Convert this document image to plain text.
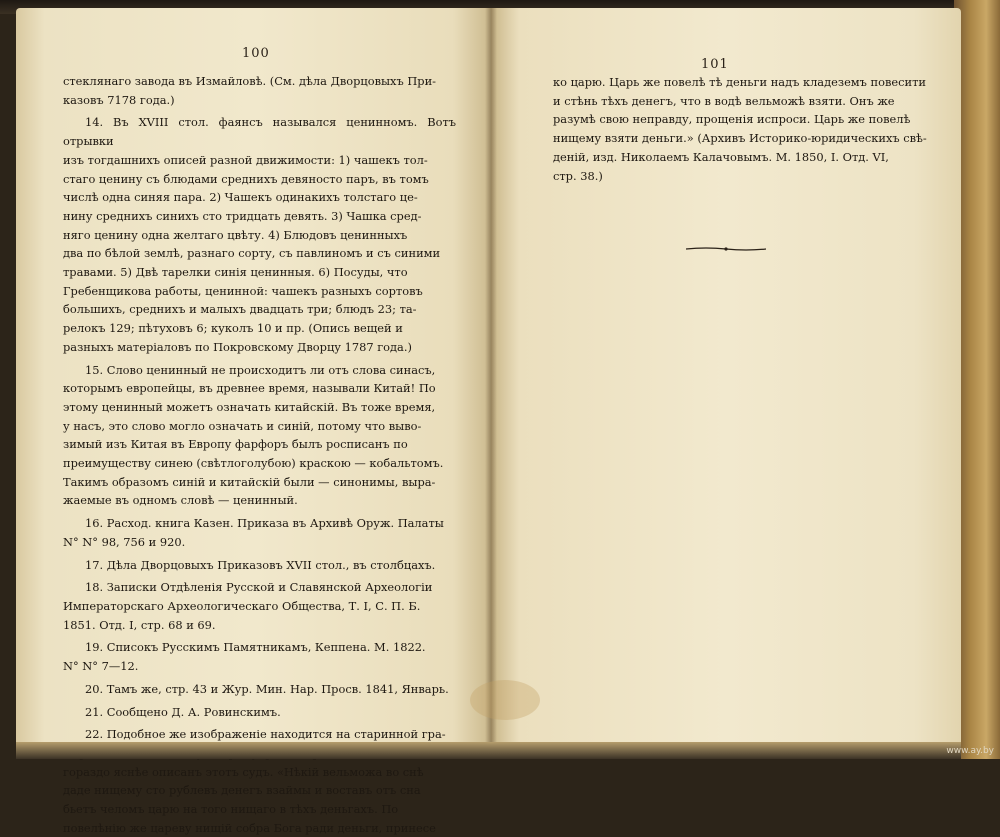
100

стеклянаго завода въ Измайловѣ. (См. дѣла Дворцовыхъ При-

казовъ 7178 года.)

14. Въ XVIII стол. фаянсъ назывался ценинномъ. Вотъ отрывки

изъ тогдашнихъ описей разной движимости: 1) чашекъ тол-

стаго ценину съ блюдами среднихъ девяносто паръ, въ томъ

числѣ одна синяя пара. 2) Чашекъ одинакихъ толстаго це-

нину среднихъ синихъ сто тридцать девять. 3) Чашка сред-

няго ценину одна желтаго цвѣту. 4) Блюдовъ ценинныхъ

два по бѣлой землѣ, разнаго сорту, съ павлиномъ и съ синими

травами. 5) Двѣ тарелки синія ценинныя. 6) Посуды, что

Гребенщикова работы, ценинной: чашекъ разныхъ сортовъ

большихъ, среднихъ и малыхъ двадцать три; блюдъ 23; та-

релокъ 129; пѣтуховъ 6; куколъ 10 и пр. (Опись вещей и

разныхъ матеріаловъ по Покровскому Дворцу 1787 года.)

15. Слово ценинный не происходитъ ли отъ слова синасъ,

которымъ европейцы, въ древнее время, называли Китай! По

этому ценинный можетъ означать китайскій. Въ тоже время,

у насъ, это слово могло означать и синій, потому что выво-

зимый изъ Китая въ Европу фарфоръ былъ росписанъ по

преимуществу синею (свѣтлоголубою) краскою — кобальтомъ.

Такимъ образомъ синій и китайскій были — синонимы, выра-

жаемые въ одномъ словѣ — ценинный.

16. Расход. книга Казен. Приказа въ Архивѣ Оруж. Палаты

N° N° 98, 756 и 920.

17. Дѣла Дворцовыхъ Приказовъ XVII стол., въ столбцахъ.

18. Записки Отдѣленія Русской и Славянской Археологіи

Императорскаго Археологическаго Общества, Т. I, С. П. Б.

1851. Отд. I, стр. 68 и 69.

19. Списокъ Русскимъ Памятникамъ, Кеппена. М. 1822.

N° N° 7—12.

20. Тамъ же, стр. 43 и Жур. Мин. Нар. Просв. 1841, Январь.

21. Сообщено Д. А. Ровинскимъ.

22. Подобное же изображеніе находится на старинной гра-

гораздо яснѣе описанъ этотъ судъ. «Нѣкій вельможа во снѣ

даде нищему сто рублевъ денегъ взаймы и воставъ отъ сна

бьетъ челомъ царю на того нищаго в тѣхъ деньгахъ. По

повелѣнію же цареву нищій собра Бога ради деньги, принесе

101

ко царю. Царь же повелѣ тѣ деньги надъ кладеземъ повесити

и стѣнь тѣхъ денегъ, что в водѣ вельможѣ взяти. Онъ же

разумѣ свою неправду, прощенія испроси. Царь же повелѣ

нищему взяти деньги.» (Архивъ Историко-юридическихъ свѣ-

деній, изд. Николаемъ Калачовымъ. М. 1850, I. Отд. VI,

стр. 38.)

www.ay.by
